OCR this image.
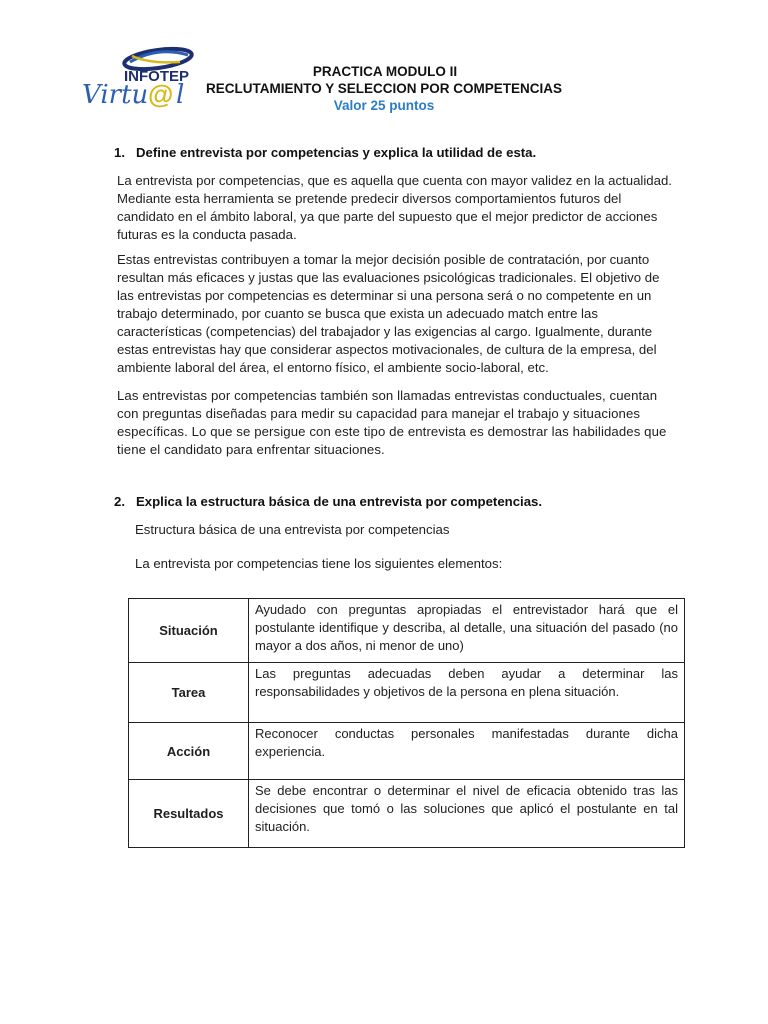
INFOTEP
Virtu @ l
PRACTICA MODULO II
RECLUTAMIENTO Y SELECCION POR COMPETENCIAS
Valor 25 puntos
1. Define entrevista por competencias y explica la utilidad de esta.
La entrevista por competencias, que es aquella que cuenta con mayor validez en la actualidad. Mediante esta herramienta se pretende predecir diversos comportamientos futuros del candidato en el ámbito laboral, ya que parte del supuesto que el mejor predictor de acciones futuras es la conducta pasada.
Estas entrevistas contribuyen a tomar la mejor decisión posible de contratación, por cuanto resultan más eficaces y justas que las evaluaciones psicológicas tradicionales. El objetivo de las entrevistas por competencias es determinar si una persona será o no competente en un trabajo determinado, por cuanto se busca que exista un adecuado match entre las características (competencias) del trabajador y las exigencias al cargo. Igualmente, durante estas entrevistas hay que considerar aspectos motivacionales, de cultura de la empresa, del ambiente laboral del área, el entorno físico, el ambiente socio-laboral, etc.
Las entrevistas por competencias también son llamadas entrevistas conductuales, cuentan con preguntas diseñadas para medir su capacidad para manejar el trabajo y situaciones específicas. Lo que se persigue con este tipo de entrevista es demostrar las habilidades que tiene el candidato para enfrentar situaciones.
2. Explica la estructura básica de una entrevista por competencias.
Estructura básica de una entrevista por competencias
La entrevista por competencias tiene los siguientes elementos:
Situación	Ayudado con preguntas apropiadas el entrevistador hará que el postulante identifique y describa, al detalle, una situación del pasado (no mayor a dos años, ni menor de uno)
Tarea	Las preguntas adecuadas deben ayudar a determinar las responsabilidades y objetivos de la persona en plena situación.
Acción	Reconocer conductas personales manifestadas durante dicha experiencia.
Resultados	Se debe encontrar o determinar el nivel de eficacia obtenido tras las decisiones que tomó o las soluciones que aplicó el postulante en tal situación.
